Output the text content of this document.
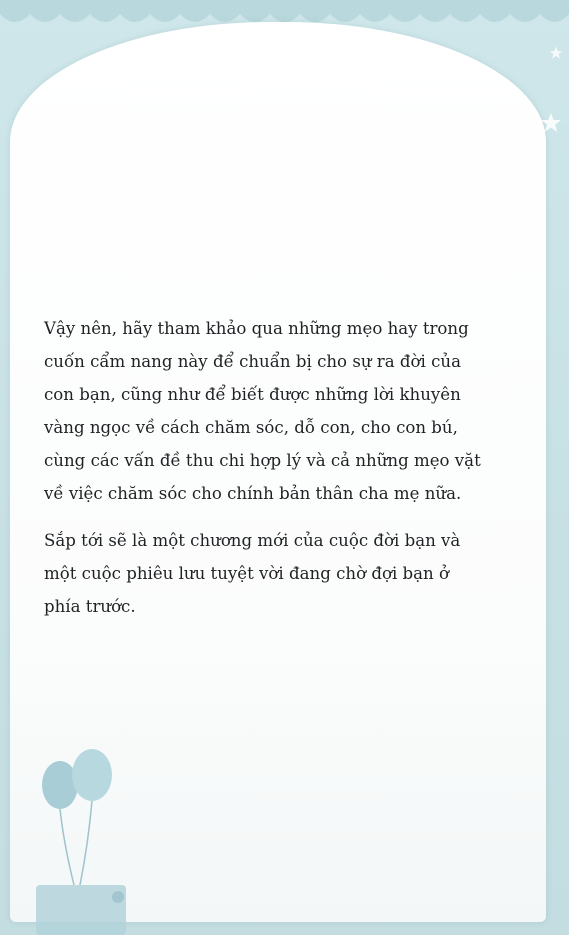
Vậy nên, hãy tham khảo qua những mẹo hay trong
cuốn cẩm nang này để chuẩn bị cho sự ra đời của
con bạn, cũng như để biết được những lời khuyên
vàng ngọc về cách chăm sóc, dỗ con, cho con bú,
cùng các vấn đề thu chi hợp lý và cả những mẹo vặt
về việc chăm sóc cho chính bản thân cha mẹ nữa.

Sắp tới sẽ là một chương mới của cuộc đời bạn và
một cuộc phiêu lưu tuyệt vời đang chờ đợi bạn ở
phía trước.
